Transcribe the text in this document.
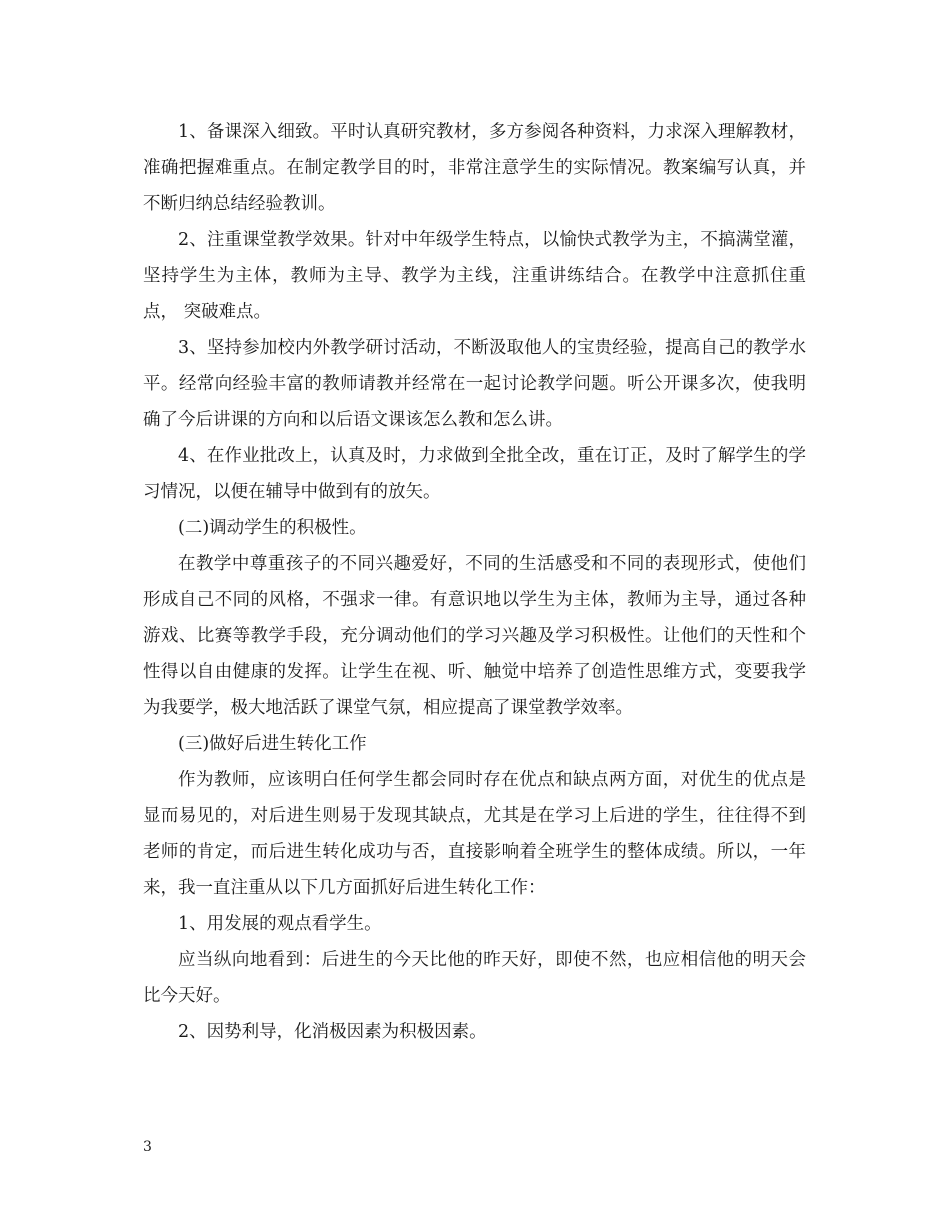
1、备课深入细致。平时认真研究教材，多方参阅各种资料，力求深入理解教材，准确把握难重点。在制定教学目的时，非常注意学生的实际情况。教案编写认真，并不断归纳总结经验教训。

2、注重课堂教学效果。针对中年级学生特点，以愉快式教学为主，不搞满堂灌，坚持学生为主体，教师为主导、教学为主线，注重讲练结合。在教学中注意抓住重点， 突破难点。

3、坚持参加校内外教学研讨活动，不断汲取他人的宝贵经验，提高自己的教学水平。经常向经验丰富的教师请教并经常在一起讨论教学问题。听公开课多次，使我明确了今后讲课的方向和以后语文课该怎么教和怎么讲。

4、在作业批改上，认真及时，力求做到全批全改，重在订正，及时了解学生的学习情况，以便在辅导中做到有的放矢。

(二)调动学生的积极性。

在教学中尊重孩子的不同兴趣爱好，不同的生活感受和不同的表现形式，使他们形成自己不同的风格，不强求一律。有意识地以学生为主体，教师为主导，通过各种游戏、比赛等教学手段，充分调动他们的学习兴趣及学习积极性。让他们的天性和个性得以自由健康的发挥。让学生在视、听、触觉中培养了创造性思维方式，变要我学为我要学，极大地活跃了课堂气氛，相应提高了课堂教学效率。

(三)做好后进生转化工作

作为教师，应该明白任何学生都会同时存在优点和缺点两方面，对优生的优点是显而易见的，对后进生则易于发现其缺点，尤其是在学习上后进的学生，往往得不到老师的肯定，而后进生转化成功与否，直接影响着全班学生的整体成绩。所以，一年来，我一直注重从以下几方面抓好后进生转化工作：

1、用发展的观点看学生。

应当纵向地看到：后进生的今天比他的昨天好，即使不然，也应相信他的明天会比今天好。

2、因势利导，化消极因素为积极因素。

3
